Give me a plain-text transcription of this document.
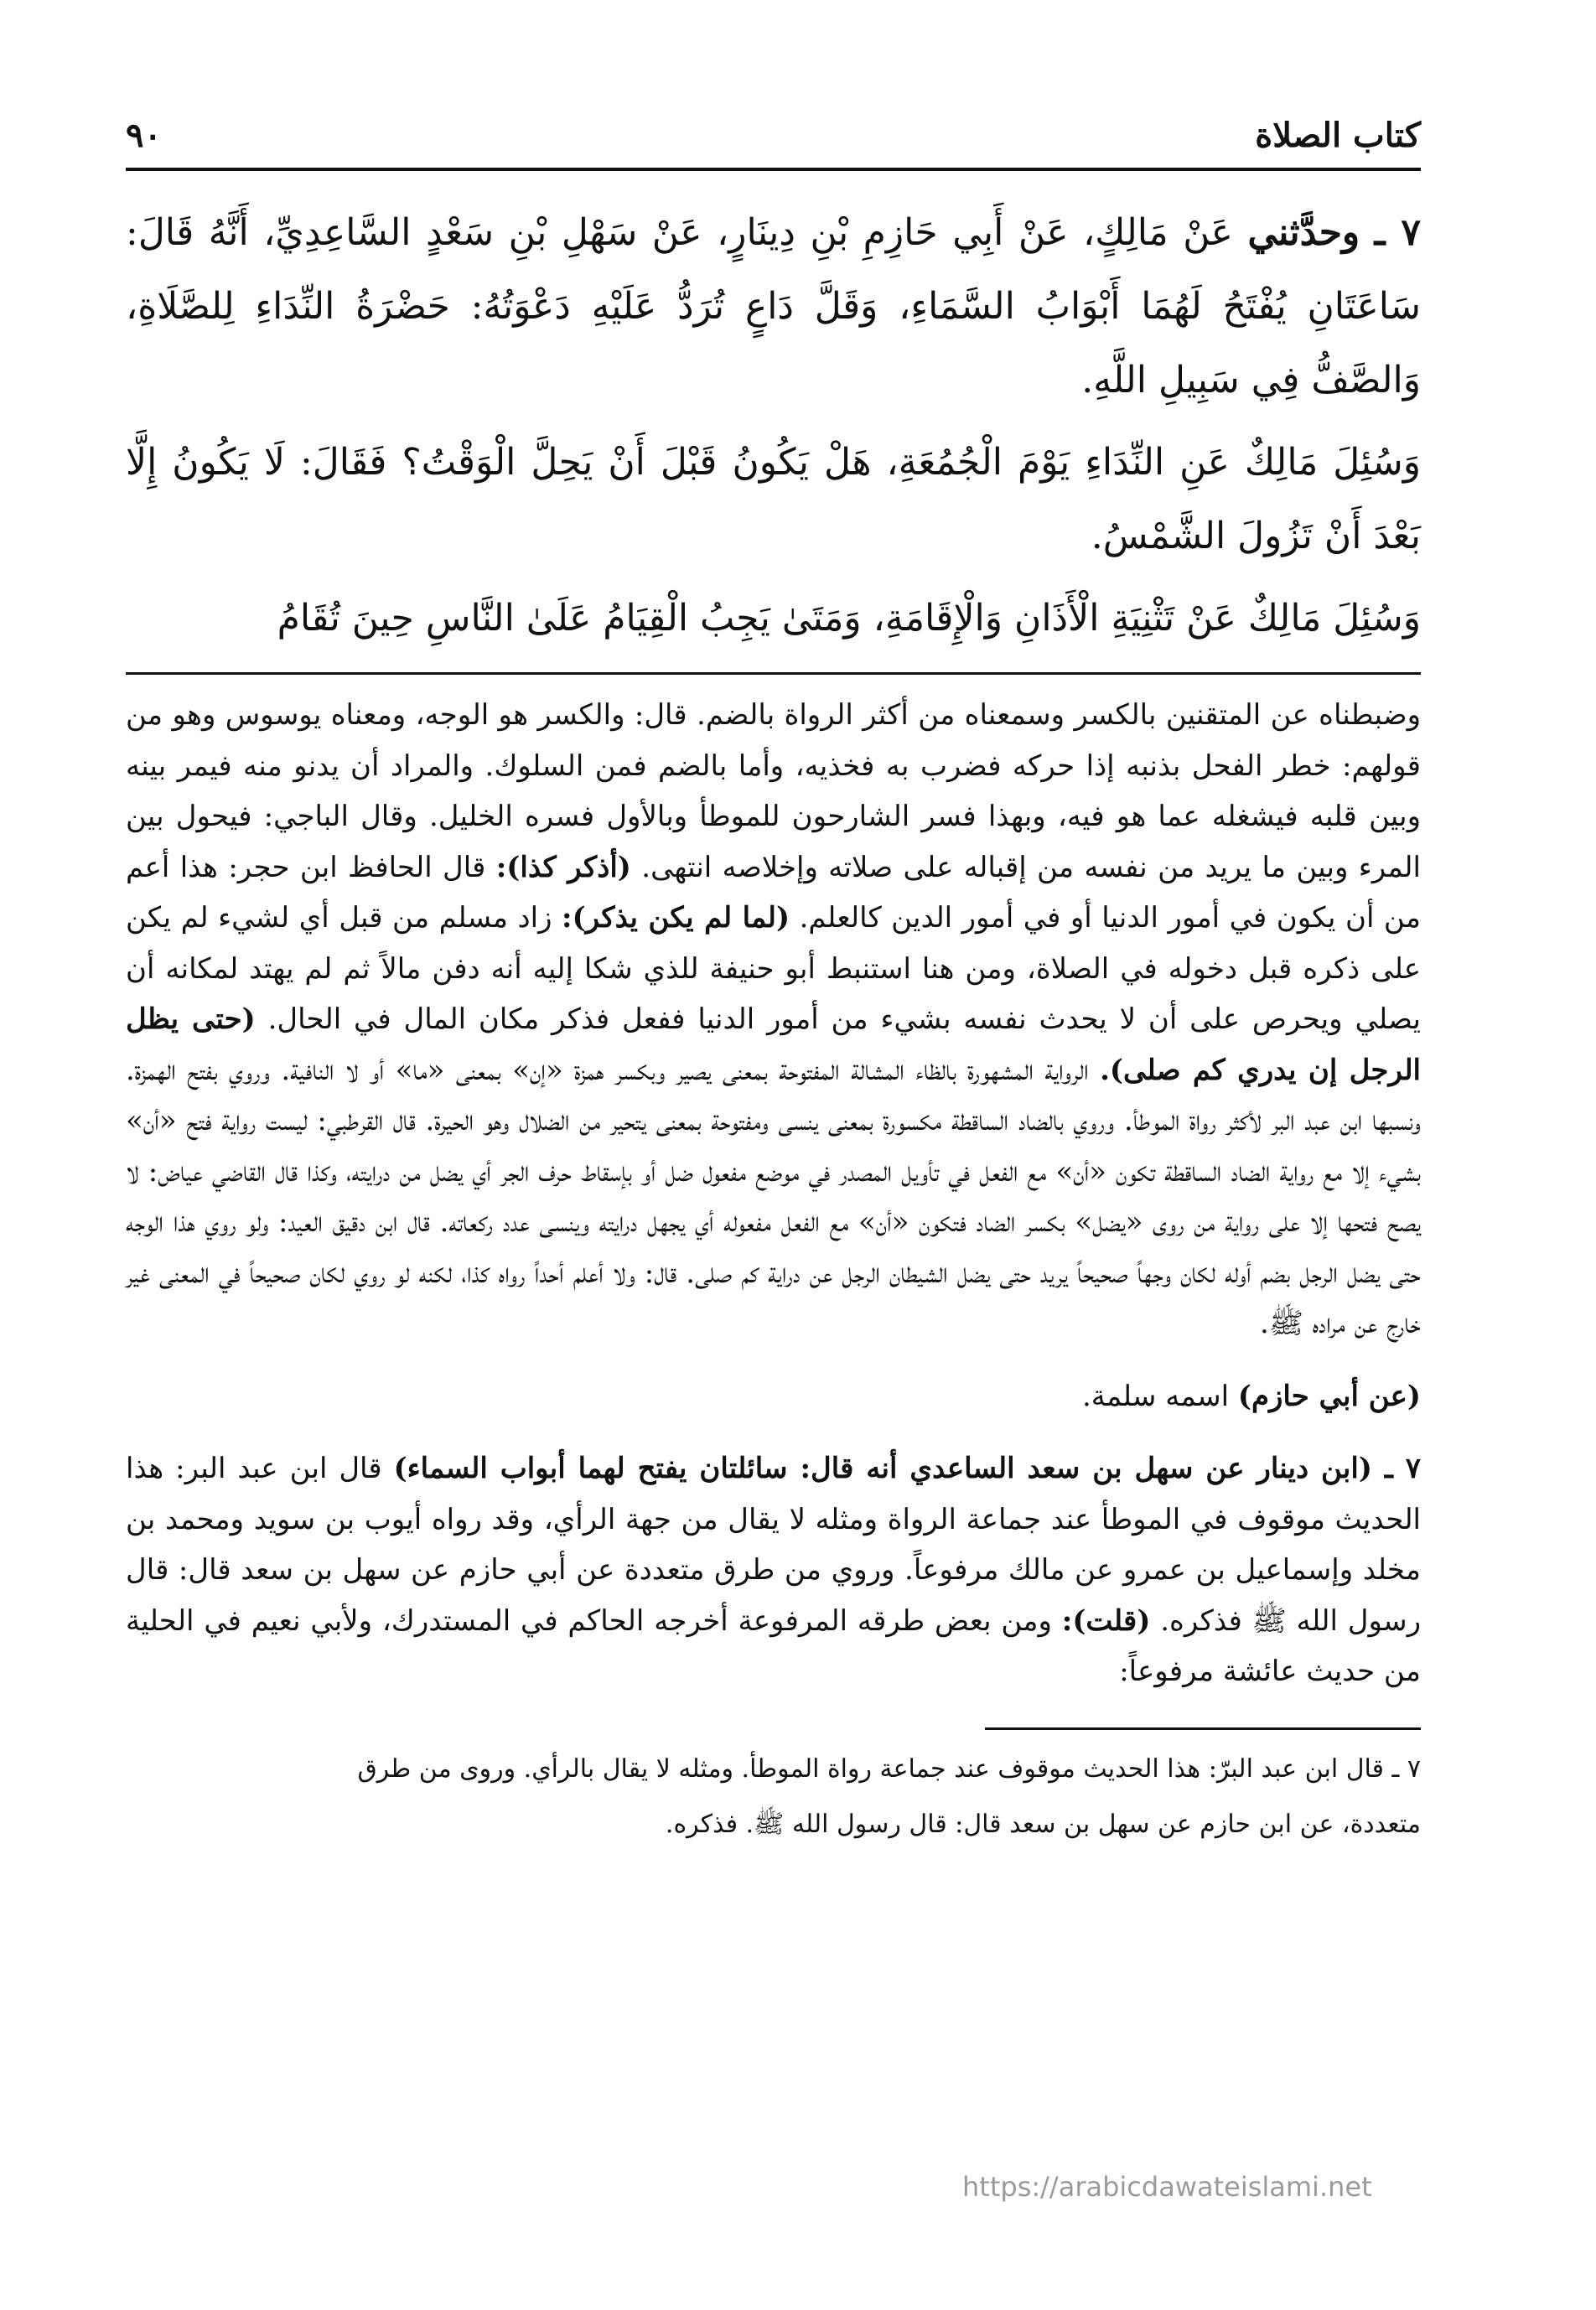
كتاب الصلاة
٩٠

٧ ـ وحدَّثني عَنْ مَالِكٍ، عَنْ أَبِي حَازِمِ بْنِ دِينَارٍ، عَنْ سَهْلِ بْنِ سَعْدٍ السَّاعِدِيِّ، أَنَّهُ قَالَ: سَاعَتَانِ يُفْتَحُ لَهُمَا أَبْوَابُ السَّمَاءِ، وَقَلَّ دَاعٍ تُرَدُّ عَلَيْهِ دَعْوَتُهُ: حَضْرَةُ النِّدَاءِ لِلصَّلَاةِ، وَالصَّفُّ فِي سَبِيلِ اللَّهِ.

وَسُئِلَ مَالِكٌ عَنِ النِّدَاءِ يَوْمَ الْجُمُعَةِ، هَلْ يَكُونُ قَبْلَ أَنْ يَحِلَّ الْوَقْتُ؟ فَقَالَ: لَا يَكُونُ إِلَّا بَعْدَ أَنْ تَزُولَ الشَّمْسُ.

وَسُئِلَ مَالِكٌ عَنْ تَثْنِيَةِ الْأَذَانِ وَالْإِقَامَةِ، وَمَتَىٰ يَجِبُ الْقِيَامُ عَلَىٰ النَّاسِ حِينَ تُقَامُ

وضبطناه عن المتقنين بالكسر وسمعناه من أكثر الرواة بالضم. قال: والكسر هو الوجه، ومعناه يوسوس وهو من قولهم: خطر الفحل بذنبه إذا حركه فضرب به فخذيه، وأما بالضم فمن السلوك. والمراد أن يدنو منه فيمر بينه وبين قلبه فيشغله عما هو فيه، وبهذا فسر الشارحون للموطأ وبالأول فسره الخليل. وقال الباجي: فيحول بين المرء وبين ما يريد من نفسه من إقباله على صلاته وإخلاصه انتهى. (أذكر كذا): قال الحافظ ابن حجر: هذا أعم من أن يكون في أمور الدنيا أو في أمور الدين كالعلم. (لما لم يكن يذكر): زاد مسلم من قبل أي لشيء لم يكن على ذكره قبل دخوله في الصلاة، ومن هنا استنبط أبو حنيفة للذي شكا إليه أنه دفن مالاً ثم لم يهتد لمكانه أن يصلي ويحرص على أن لا يحدث نفسه بشيء من أمور الدنيا ففعل فذكر مكان المال في الحال. (حتى يظل الرجل إن يدري كم صلى). الرواية المشهورة بالظاء المشالة المفتوحة بمعنى يصير وبكسر همزة «إن» بمعنى «ما» أو لا النافية. وروي بفتح الهمزة. ونسبها ابن عبد البر لأكثر رواة الموطأ. وروي بالضاد الساقطة مكسورة بمعنى ينسى ومفتوحة بمعنى يتحير من الضلال وهو الحيرة. قال القرطبي: ليست رواية فتح «أن» بشيء إلا مع رواية الضاد الساقطة تكون «أن» مع الفعل في تأويل المصدر في موضع مفعول ضل أو بإسقاط حرف الجر أي يضل من درايته، وكذا قال القاضي عياض: لا يصح فتحها إلا على رواية من روى «يضل» بكسر الضاد فتكون «أن» مع الفعل مفعوله أي يجهل درايته وينسى عدد ركعاته. قال ابن دقيق العيد: ولو روي هذا الوجه حتى يضل الرجل بضم أوله لكان وجهاً صحيحاً يريد حتى يضل الشيطان الرجل عن دراية كم صلى. قال: ولا أعلم أحداً رواه كذا، لكنه لو روي لكان صحيحاً في المعنى غير خارج عن مراده ﷺ.

(عن أبي حازم) اسمه سلمة.

٧ ـ (ابن دينار عن سهل بن سعد الساعدي أنه قال: سائلتان يفتح لهما أبواب السماء) قال ابن عبد البر: هذا الحديث موقوف في الموطأ عند جماعة الرواة ومثله لا يقال من جهة الرأي، وقد رواه أيوب بن سويد ومحمد بن مخلد وإسماعيل بن عمرو عن مالك مرفوعاً. وروي من طرق متعددة عن أبي حازم عن سهل بن سعد قال: قال رسول الله ﷺ فذكره. (قلت): ومن بعض طرقه المرفوعة أخرجه الحاكم في المستدرك، ولأبي نعيم في الحلية من حديث عائشة مرفوعاً:

٧ ـ قال ابن عبد البرّ: هذا الحديث موقوف عند جماعة رواة الموطأ. ومثله لا يقال بالرأي. وروى من طرق

متعددة، عن ابن حازم عن سهل بن سعد قال: قال رسول الله ﷺ. فذكره.

https://arabicdawateislami.net
